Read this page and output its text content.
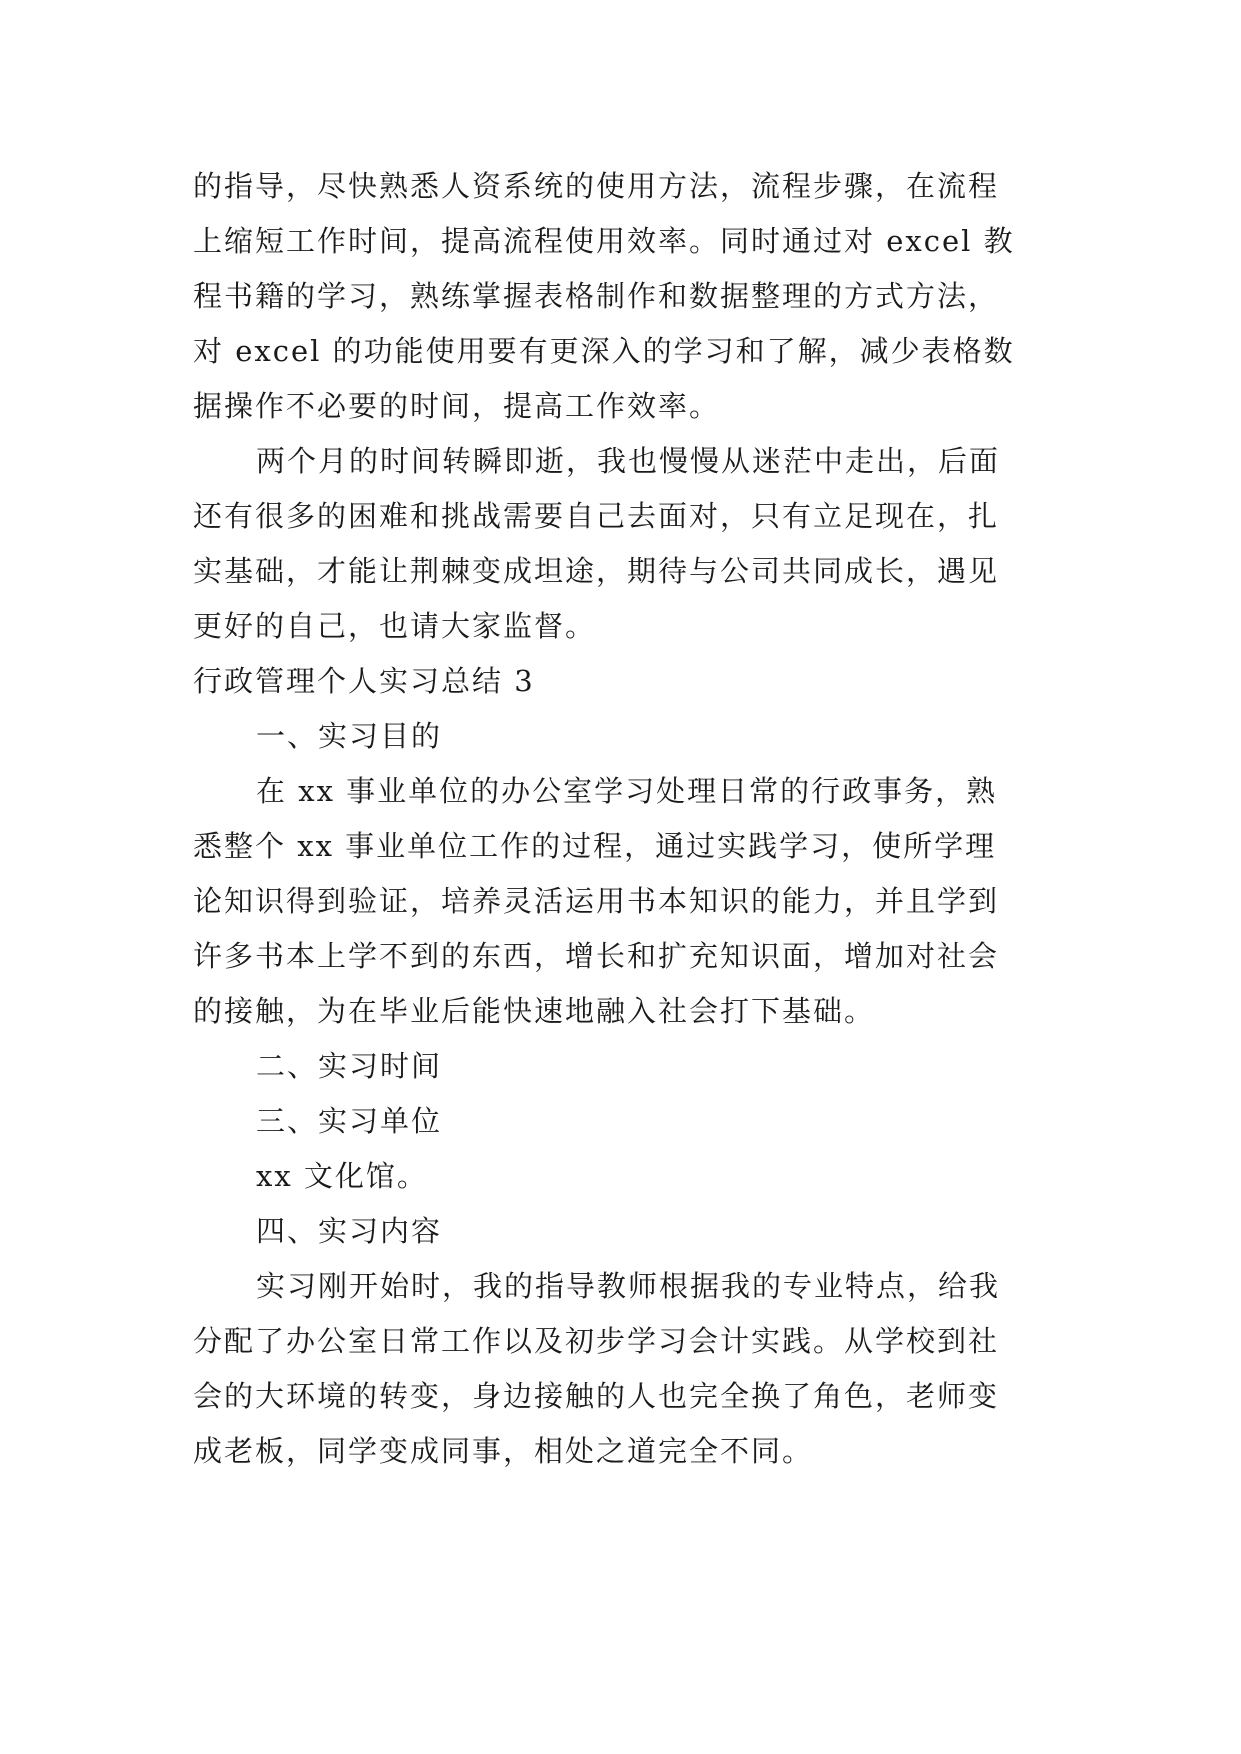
的指导，尽快熟悉人资系统的使用方法，流程步骤，在流程
上缩短工作时间，提高流程使用效率。同时通过对 excel 教
程书籍的学习，熟练掌握表格制作和数据整理的方式方法，
对 excel 的功能使用要有更深入的学习和了解，减少表格数
据操作不必要的时间，提高工作效率。
两个月的时间转瞬即逝，我也慢慢从迷茫中走出，后面
还有很多的困难和挑战需要自己去面对，只有立足现在，扎
实基础，才能让荆棘变成坦途，期待与公司共同成长，遇见
更好的自己，也请大家监督。
行政管理个人实习总结 3
一、实习目的
在 xx 事业单位的办公室学习处理日常的行政事务，熟
悉整个 xx 事业单位工作的过程，通过实践学习，使所学理
论知识得到验证，培养灵活运用书本知识的能力，并且学到
许多书本上学不到的东西，增长和扩充知识面，增加对社会
的接触，为在毕业后能快速地融入社会打下基础。
二、实习时间
三、实习单位
xx 文化馆。
四、实习内容
实习刚开始时，我的指导教师根据我的专业特点，给我
分配了办公室日常工作以及初步学习会计实践。从学校到社
会的大环境的转变，身边接触的人也完全换了角色，老师变
成老板，同学变成同事，相处之道完全不同。
